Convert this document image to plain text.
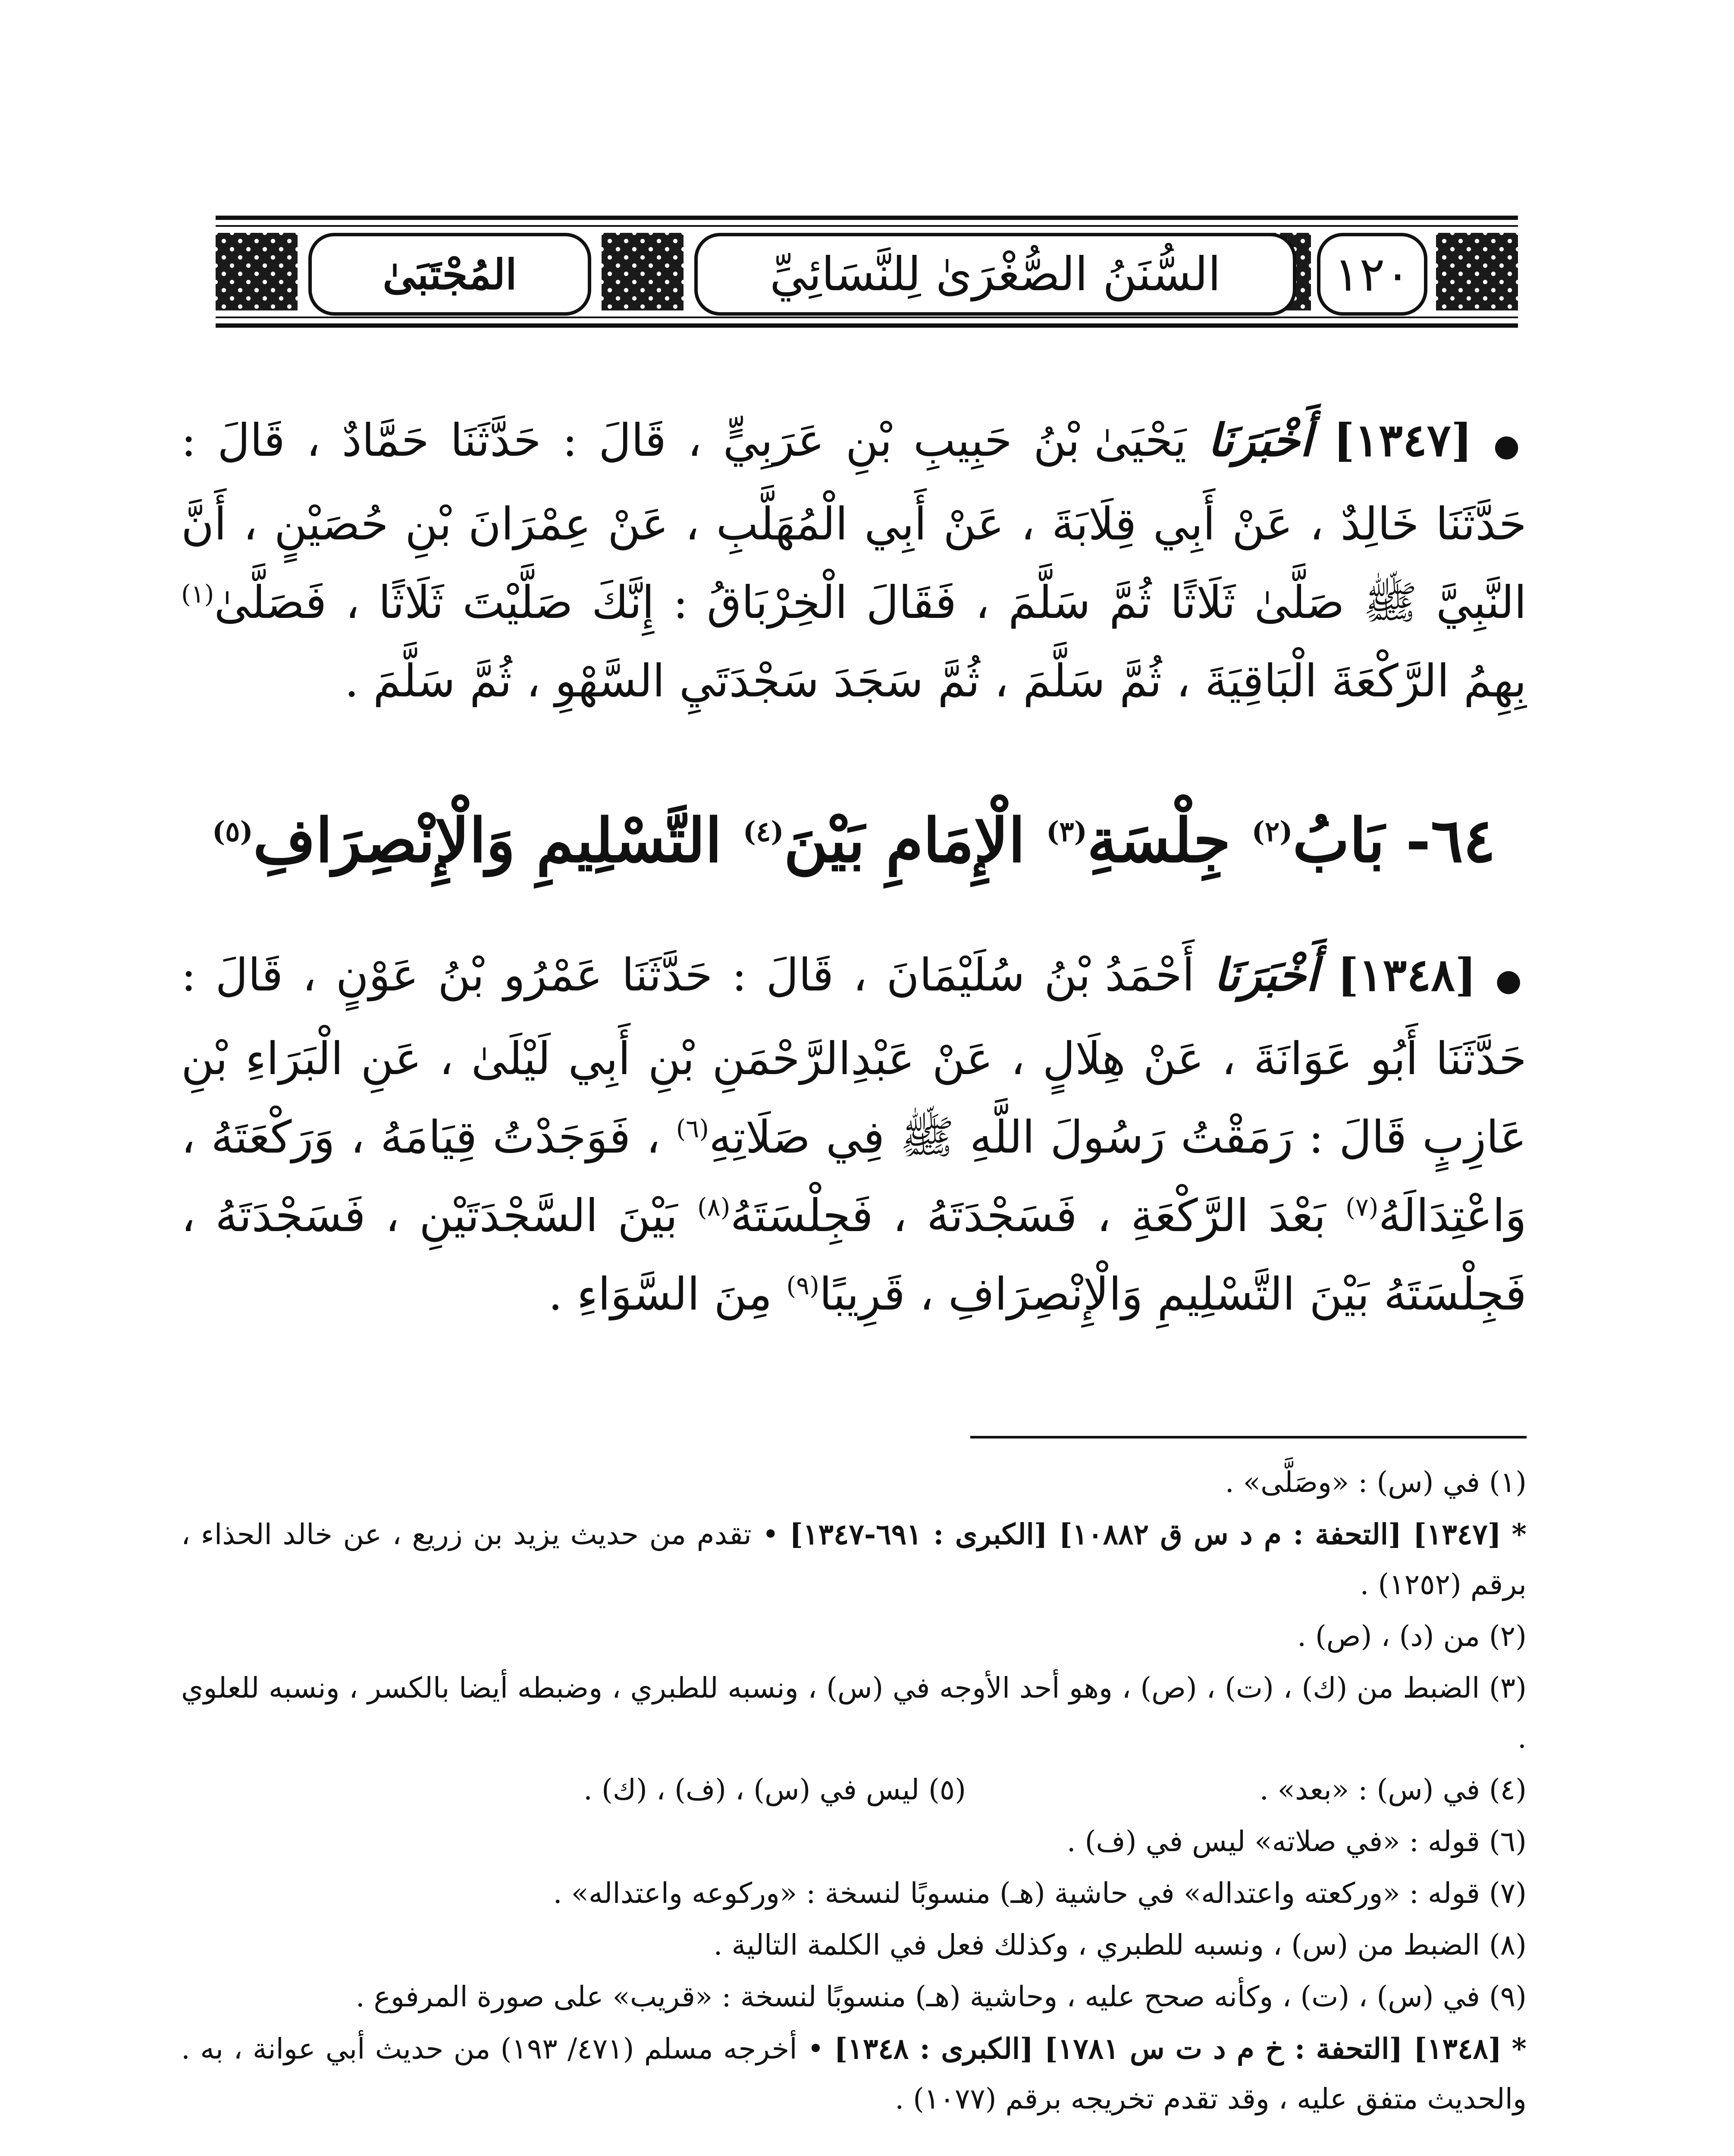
المُجْتَبَىٰ	السُّنَنُ الصُّغْرَىٰ لِلنَّسَائِيِّ	١٢٠
● [١٣٤٧] أَخْبَرَنَا يَحْيَىٰ بْنُ حَبِيبِ بْنِ عَرَبِيٍّ ، قَالَ : حَدَّثَنَا حَمَّادٌ ، قَالَ : حَدَّثَنَا خَالِدٌ ، عَنْ أَبِي قِلَابَةَ ، عَنْ أَبِي الْمُهَلَّبِ ، عَنْ عِمْرَانَ بْنِ حُصَيْنٍ ، أَنَّ النَّبِيَّ ﷺ صَلَّىٰ ثَلَاثًا ثُمَّ سَلَّمَ ، فَقَالَ الْخِرْبَاقُ : إِنَّكَ صَلَّيْتَ ثَلَاثًا ، فَصَلَّىٰ$^{(١)}$ بِهِمُ الرَّكْعَةَ الْبَاقِيَةَ ، ثُمَّ سَلَّمَ ، ثُمَّ سَجَدَ سَجْدَتَيِ السَّهْوِ ، ثُمَّ سَلَّمَ .
٦٤- بَابُ$^{(٢)}$ جِلْسَةِ$^{(٣)}$ الْإِمَامِ بَيْنَ$^{(٤)}$ التَّسْلِيمِ وَالْإِنْصِرَافِ$^{(٥)}$
● [١٣٤٨] أَخْبَرَنَا أَحْمَدُ بْنُ سُلَيْمَانَ ، قَالَ : حَدَّثَنَا عَمْرُو بْنُ عَوْنٍ ، قَالَ : حَدَّثَنَا أَبُو عَوَانَةَ ، عَنْ هِلَالٍ ، عَنْ عَبْدِالرَّحْمَنِ بْنِ أَبِي لَيْلَىٰ ، عَنِ الْبَرَاءِ بْنِ عَازِبٍ قَالَ : رَمَقْتُ رَسُولَ اللَّهِ ﷺ فِي صَلَاتِهِ$^{(٦)}$ ، فَوَجَدْتُ قِيَامَهُ ، وَرَكْعَتَهُ ، وَاعْتِدَالَهُ$^{(٧)}$ بَعْدَ الرَّكْعَةِ ، فَسَجْدَتَهُ ، فَجِلْسَتَهُ$^{(٨)}$ بَيْنَ السَّجْدَتَيْنِ ، فَسَجْدَتَهُ ، فَجِلْسَتَهُ بَيْنَ التَّسْلِيمِ وَالْإِنْصِرَافِ ، قَرِيبًا$^{(٩)}$ مِنَ السَّوَاءِ .

(١) في (س) : «وصَلَّى» .

* [١٣٤٧] [التحفة : م د س ق ١٠٨٨٢] [الكبرى : ٦٩١-١٣٤٧] • تقدم من حديث يزيد بن زريع ، عن خالد الحذاء ، برقم (١٢٥٢) .

(٢) من (د) ، (ص) .

(٣) الضبط من (ك) ، (ت) ، (ص) ، وهو أحد الأوجه في (س) ، ونسبه للطبري ، وضبطه أيضا بالكسر ، ونسبه للعلوي .

(٤) في (س) : «بعد» .
(٥) ليس في (س) ، (ف) ، (ك) .

(٦) قوله : «في صلاته» ليس في (ف) .

(٧) قوله : «وركعته واعتداله» في حاشية (هـ) منسوبًا لنسخة : «وركوعه واعتداله» .

(٨) الضبط من (س) ، ونسبه للطبري ، وكذلك فعل في الكلمة التالية .

(٩) في (س) ، (ت) ، وكأنه صحح عليه ، وحاشية (هـ) منسوبًا لنسخة : «قريب» على صورة المرفوع .

* [١٣٤٨] [التحفة : خ م د ت س ١٧٨١] [الكبرى : ١٣٤٨] • أخرجه مسلم (٤٧١/ ١٩٣) من حديث أبي عوانة ، به . والحديث متفق عليه ، وقد تقدم تخريجه برقم (١٠٧٧) .
